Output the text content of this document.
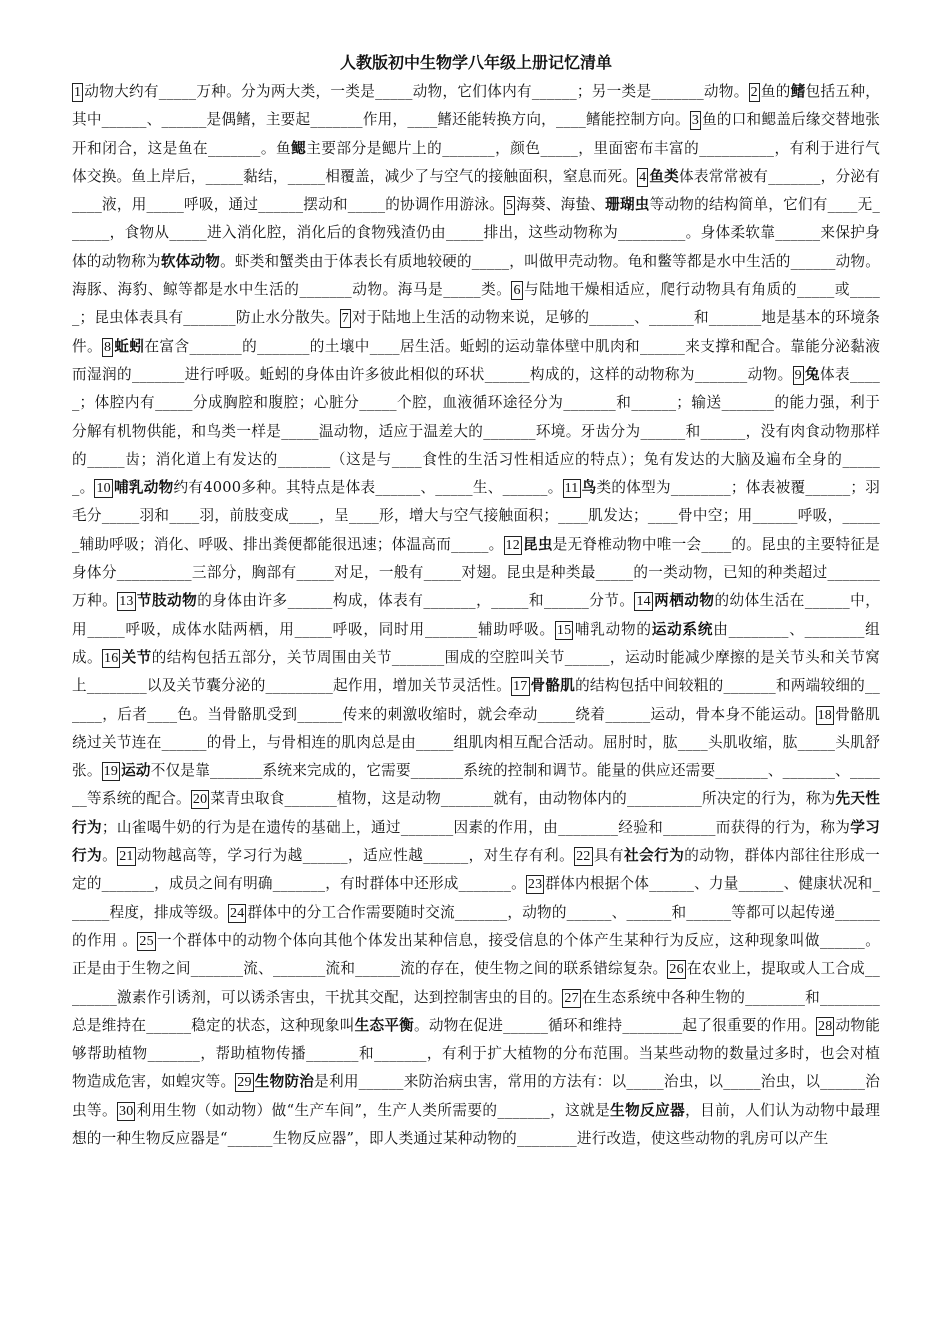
人教版初中生物学八年级上册记忆清单
1 动物大约有_____万种。分为两大类，一类是_____动物，它们体内有______；另一类是_______动物。 2 鱼的鳍包括五种，其中______、______是偶鳍，主要起_______作用，____鳍还能转换方向，____鳍能控制方向。 3 鱼的口和鳃盖后缘交替地张开和闭合，这是鱼在_______。鱼鳃主要部分是鳃片上的_______，颜色_____，里面密布丰富的__________，有利于进行气体交换。鱼上岸后，_____黏结，_____相覆盖，减少了与空气的接触面积，窒息而死。 4 鱼类体表常常被有_______，分泌有____液，用_____呼吸，通过______摆动和_____的协调作用游泳。 5 海葵、海蛰、珊瑚虫等动物的结构简单，它们有____无______，食物从_____进入消化腔，消化后的食物残渣仍由_____排出，这些动物称为_________。身体柔软靠______来保护身体的动物称为软体动物。虾类和蟹类由于体表长有质地较硬的_____，叫做甲壳动物。龟和鳖等都是水中生活的______动物。海豚、海豹、鲸等都是水中生活的_______动物。海马是_____类。 6 与陆地干燥相适应，爬行动物具有角质的_____或_____；昆虫体表具有_______防止水分散失。 7 对于陆地上生活的动物来说，足够的______、______和_______地是基本的环境条件。 8 蚯蚓在富含_______的_______的土壤中____居生活。蚯蚓的运动靠体壁中肌肉和______来支撑和配合。靠能分泌黏液而湿润的_______进行呼吸。蚯蚓的身体由许多彼此相似的环状______构成的，这样的动物称为_______动物。 9 兔体表_____；体腔内有_____分成胸腔和腹腔；心脏分_____个腔，血液循环途径分为_______和______；输送_______的能力强，利于分解有机物供能，和鸟类一样是_____温动物，适应于温差大的_______环境。牙齿分为______和______，没有肉食动物那样的_____齿；消化道上有发达的_______（这是与____食性的生活习性相适应的特点）；兔有发达的大脑及遍布全身的______。 10 哺乳动物约有4000多种。其特点是体表______、_____生、______。 11 鸟类的体型为________；体表被覆______；羽毛分_____羽和____羽，前肢变成____，呈____形，增大与空气接触面积；____肌发达；____骨中空；用______呼吸，______辅助呼吸；消化、呼吸、排出粪便都能很迅速；体温高而_____。 12 昆虫是无脊椎动物中唯一会____的。昆虫的主要特征是身体分__________三部分，胸部有_____对足，一般有_____对翅。昆虫是种类最_____的一类动物，已知的种类超过_______万种。 13 节肢动物的身体由许多______构成，体表有_______，_____和______分节。 14 两栖动物的幼体生活在______中，用_____呼吸，成体水陆两栖，用_____呼吸，同时用_______辅助呼吸。 15 哺乳动物的运动系统由________、________组成。 16 关节的结构包括五部分，关节周围由关节_______围成的空腔叫关节______，运动时能减少摩擦的是关节头和关节窝上________以及关节囊分泌的_________起作用，增加关节灵活性。 17 骨骼肌的结构包括中间较粗的_______和两端较细的______，后者____色。当骨骼肌受到______传来的刺激收缩时，就会牵动_____绕着______运动，骨本身不能运动。 18 骨骼肌绕过关节连在______的骨上，与骨相连的肌肉总是由_____组肌肉相互配合活动。屈肘时，肱____头肌收缩，肱_____头肌舒张。 19 运动不仅是靠_______系统来完成的，它需要_______系统的控制和调节。能量的供应还需要_______、_______、______等系统的配合。 20 菜青虫取食_______植物，这是动物_______就有，由动物体内的__________所决定的行为，称为先天性行为；山雀喝牛奶的行为是在遗传的基础上，通过_______因素的作用，由________经验和_______而获得的行为，称为学习行为。 21 动物越高等，学习行为越______，适应性越______，对生存有利。 22 具有社会行为的动物，群体内部往往形成一定的_______，成员之间有明确_______，有时群体中还形成_______。 23 群体内根据个体______、力量______、健康状况和______程度，排成等级。 24 群体中的分工合作需要随时交流_______，动物的______、______和______等都可以起传递______的作用 。 25 一个群体中的动物个体向其他个体发出某种信息，接受信息的个体产生某种行为反应，这种现象叫做______。正是由于生物之间_______流、_______流和______流的存在，使生物之间的联系错综复杂。 26 在农业上，提取或人工合成________激素作引诱剂，可以诱杀害虫，干扰其交配，达到控制害虫的目的。 27 在生态系统中各种生物的________和________总是维持在______稳定的状态，这种现象叫生态平衡。动物在促进______循环和维持________起了很重要的作用。 28 动物能够帮助植物_______，帮助植物传播_______和_______，有利于扩大植物的分布范围。当某些动物的数量过多时，也会对植物造成危害，如蝗灾等。 29 生物防治是利用______来防治病虫害，常用的方法有：以_____治虫，以_____治虫，以______治虫等。 30 利用生物（如动物）做“生产车间”，生产人类所需要的_______，这就是生物反应器，目前，人们认为动物中最理想的一种生物反应器是“______生物反应器”，即人类通过某种动物的________进行改造，使这些动物的乳房可以产生
